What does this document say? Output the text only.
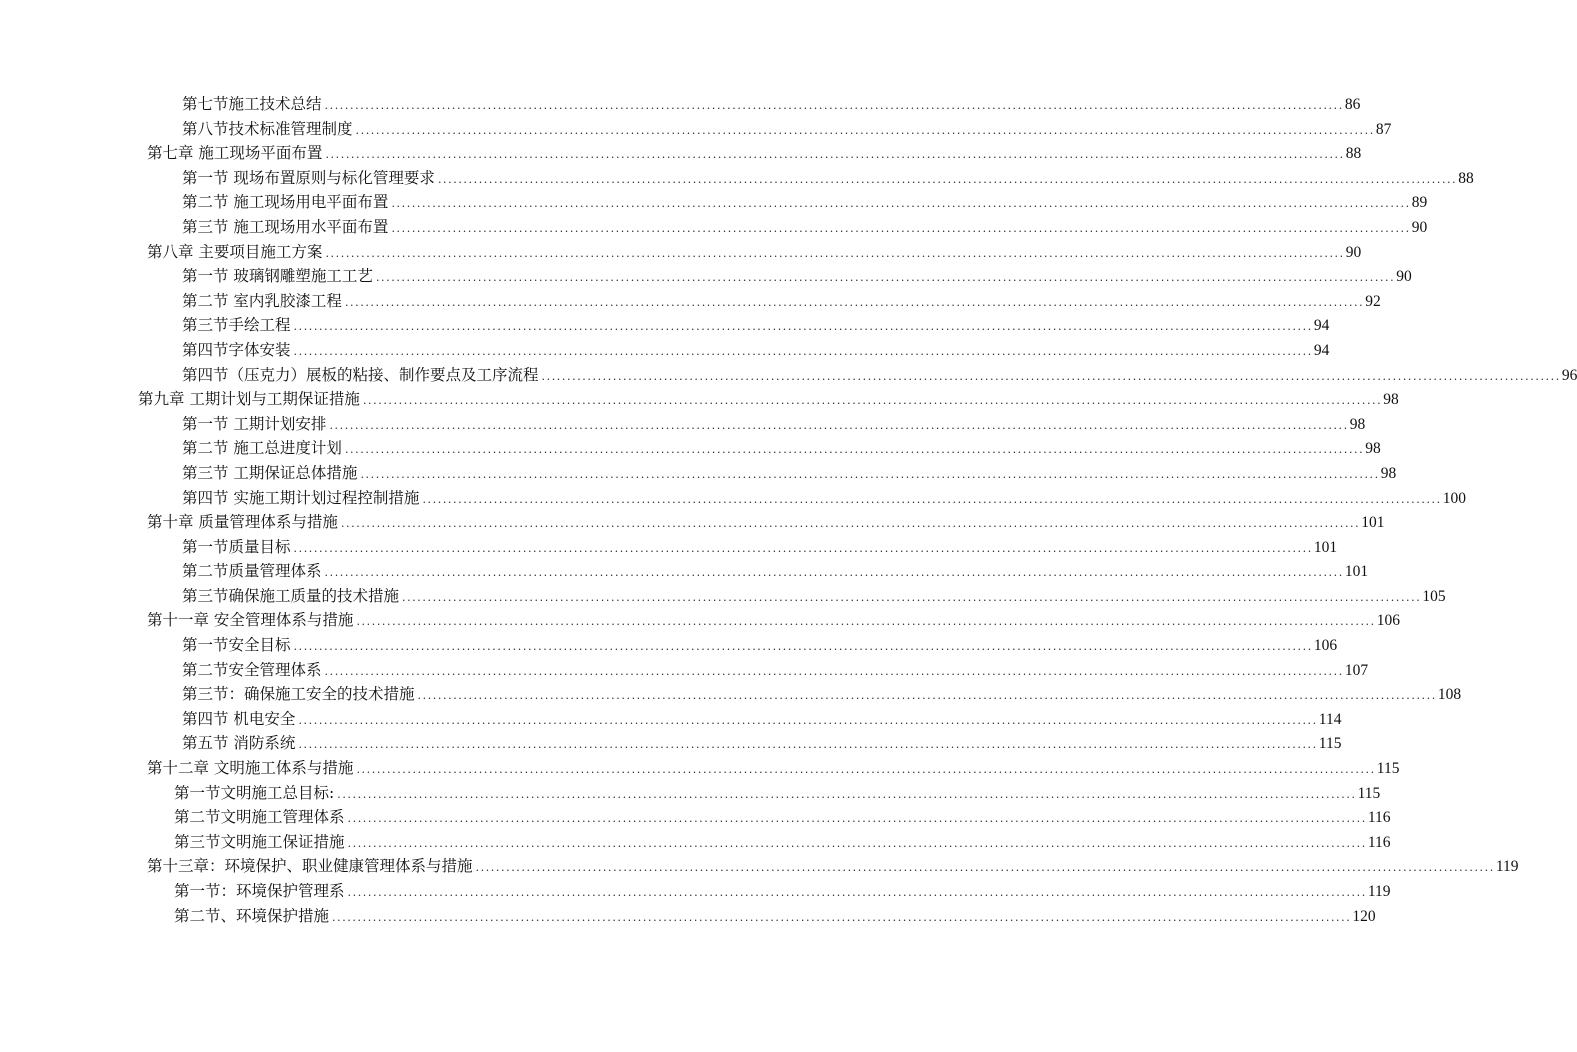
第七节施工技术总结 ........................................................................................................................................................................................................ 86
第八节技术标准管理制度 ........................................................................................................................................................................................................ 87
第七章 施工现场平面布置 ........................................................................................................................................................................................................ 88
第一节 现场布置原则与标化管理要求 ........................................................................................................................................................................................................ 88
第二节 施工现场用电平面布置 ........................................................................................................................................................................................................ 89
第三节 施工现场用水平面布置 ........................................................................................................................................................................................................ 90
第八章 主要项目施工方案 ........................................................................................................................................................................................................ 90
第一节 玻璃钢雕塑施工工艺 ........................................................................................................................................................................................................ 90
第二节 室内乳胶漆工程 ........................................................................................................................................................................................................ 92
第三节手绘工程 ........................................................................................................................................................................................................ 94
第四节字体安装 ........................................................................................................................................................................................................ 94
第四节（压克力）展板的粘接、制作要点及工序流程 ........................................................................................................................................................................................................ 96
第九章 工期计划与工期保证措施 ........................................................................................................................................................................................................ 98
第一节 工期计划安排 ........................................................................................................................................................................................................ 98
第二节 施工总进度计划 ........................................................................................................................................................................................................ 98
第三节 工期保证总体措施 ........................................................................................................................................................................................................ 98
第四节 实施工期计划过程控制措施 ........................................................................................................................................................................................................ 100
第十章 质量管理体系与措施 ........................................................................................................................................................................................................ 101
第一节质量目标 ........................................................................................................................................................................................................ 101
第二节质量管理体系 ........................................................................................................................................................................................................ 101
第三节确保施工质量的技术措施 ........................................................................................................................................................................................................ 105
第十一章 安全管理体系与措施 ........................................................................................................................................................................................................ 106
第一节安全目标 ........................................................................................................................................................................................................ 106
第二节安全管理体系 ........................................................................................................................................................................................................ 107
第三节：确保施工安全的技术措施 ........................................................................................................................................................................................................ 108
第四节 机电安全 ........................................................................................................................................................................................................ 114
第五节 消防系统 ........................................................................................................................................................................................................ 115
第十二章 文明施工体系与措施 ........................................................................................................................................................................................................ 115
第一节文明施工总目标: ........................................................................................................................................................................................................ 115
第二节文明施工管理体系 ........................................................................................................................................................................................................ 116
第三节文明施工保证措施 ........................................................................................................................................................................................................ 116
第十三章：环境保护、职业健康管理体系与措施 ........................................................................................................................................................................................................ 119
第一节：环境保护管理系 ........................................................................................................................................................................................................ 119
第二节、环境保护措施 ........................................................................................................................................................................................................ 120
